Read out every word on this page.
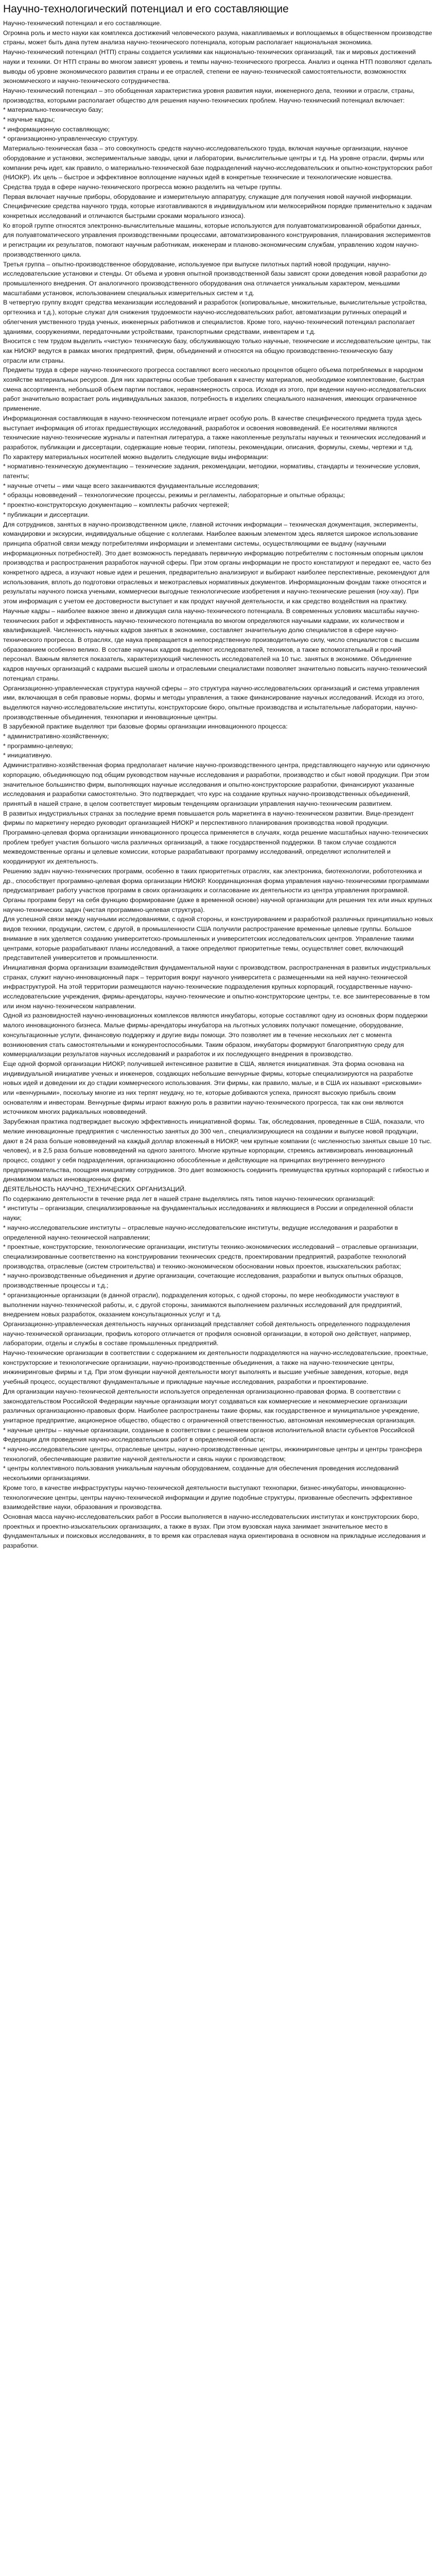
Научно-технологический потенциал и его составляющие

Научно-технический потенциал и его составляющие.

Огромна роль и место науки как комплекса достижений человеческого разума, накапливаемых и воплощаемых в общественном производстве страны, может быть дана путем анализа научно-технического потенциала, которым располагает национальная экономика.

Научно-технический потенциал (НТП) страны создается усилиями как национально-технических организаций, так и мировых достижений науки и техники. От НТП страны во многом зависят уровень и темпы научно-технического прогресса. Анализ и оценка НТП позволяют сделать выводы об уровне экономического развития страны и ее отраслей, степени ее научно-технической самостоятельности, возможностях экономического и научно-технического сотрудничества.

Научно-технический потенциал – это обобщенная характеристика уровня развития науки, инженерного дела, техники и отрасли, страны, производства, которыми располагает общество для решения научно-технических проблем. Научно-технический потенциал включает:

* материально-техническую базу;

* научные кадры;

* информационную составляющую;

* организационно-управленческую структуру.

Материально-техническая база – это совокупность средств научно-исследовательского труда, включая научные организации, научное оборудование и установки, экспериментальные заводы, цехи и лаборатории, вычислительные центры и т.д. На уровне отрасли, фирмы или компании речь идет, как правило, о материально-технической базе подразделений научно-исследовательских и опытно-конструкторских работ (НИОКР). Их цель – быстрое и эффективное воплощение научных идей в конкретные технические и технологические новшества.

Средства труда в сфере научно-технического прогресса можно разделить на четыре группы.

Первая включает научные приборы, оборудование и измерительную аппаратуру, служащие для получения новой научной информации. Специфические средства научного труда, которые изготавливаются в индивидуальном или мелкосерийном порядке применительно к задачам конкретных исследований и отличаются быстрыми сроками морального износа).

Ко второй группе относятся электронно-вычислительные машины, которые используются для полуавтоматизированной обработки данных, для полуавтоматического управления производственными процессами, автоматизированного конструирования, планирования экспериментов и регистрации их результатов, помогают научным работникам, инженерам и планово-экономическим службам, управлению ходом научно-производственного цикла.

Третья группа – опытно-производственное оборудование, используемое при выпуске пилотных партий новой продукции, научно-исследовательские установки и стенды. От объема и уровня опытной производственной базы зависят сроки доведения новой разработки до промышленного внедрения. От аналогичного производственного оборудования она отличается уникальным характером, меньшими масштабами установок, использованием специальных измерительных систем и т.д.

В четвертую группу входят средства механизации исследований и разработок (копировальные, множительные, вычислительные устройства, оргтехника и т.д.), которые служат для снижения трудоемкости научно-исследовательских работ, автоматизации рутинных операций и облегчения умственного труда ученых, инженерных работников и специалистов. Кроме того, научно-технический потенциал располагает зданиями, сооружениями, передаточными устройствами, транспортными средствами, инвентарем и т.д.

Вносится с тем трудом выделить «чистую» техническую базу, обслуживающую только научные, технические и исследовательские центры, так как НИОКР ведутся в рамках многих предприятий, фирм, объединений и относятся на общую производственно-техническую базу

отрасли или страны.

Предметы труда в сфере научно-технического прогресса составляют всего несколько процентов общего объема потребляемых в народном хозяйстве материальных ресурсов. Для них характерны особые требования к качеству материалов, необходимое комплектование, быстрая смена ассортимента, небольшой объем партии поставок, неравномерность спроса. Исходя из этого, при ведении научно-исследовательских работ значительно возрастает роль индивидуальных заказов, потребность в изделиях специального назначения, имеющих ограниченное применение.

Информационная составляющая в научно-техническом потенциале играет особую роль. В качестве специфического предмета труда здесь выступает информация об итогах предшествующих исследований, разработок и освоения нововведений. Ее носителями являются технические научно-технические журналы и патентная литература, а также накопленные результаты научных и технических исследований и разработок, публикации и диссертации, содержащие новые теории, гипотезы, рекомендации, описания, формулы, схемы, чертежи и т.д.

По характеру материальных носителей можно выделить следующие виды информации:

* нормативно-техническую документацию – технические задания, рекомендации, методики, нормативы, стандарты и технические условия, патенты;

* научные отчеты – ими чаще всего заканчиваются фундаментальные исследования;

* образцы нововведений – технологические процессы, режимы и регламенты, лабораторные и опытные образцы;

* проектно-конструкторскую документацию – комплекты рабочих чертежей;

* публикации и диссертации.

Для сотрудников, занятых в научно-производственном цикле, главной источник информации – техническая документация, эксперименты, командировки и экскурсии, индивидуальные общение с коллегами. Наиболее важным элементом здесь является широкое использование принципа обратной связи между потребителями информации и элементами системы, осуществляющими ее выдачу (научными информационных потребностей). Это дает возможность передавать первичную информацию потребителям с постоянным опорным циклом производства и распространения разработок научной сферы. При этом органы информации не просто констатируют и передают ее, часто без конкретного адреса, а изучают новые идеи и решения, предварительно анализируют и выбирают наиболее перспективные, рекомендуют для использования, вплоть до подготовки отраслевых и межотраслевых нормативных документов. Информационным фондам также относятся и результаты научного поиска учеными, коммерчески выгодные технологические изобретения и научно-технические решения (ноу-хау). При этом информация с учетом ее достоверности выступает и как продукт научной деятельности, и как средство воздействия на практику.

Научные кадры – наиболее важное звено и движущая сила научно-технического потенциала. В современных условиях масштабы научно-технических работ и эффективность научно-технического потенциала во многом определяются научными кадрами, их количеством и квалификацией. Численность научных кадров занятых в экономике, составляет значительную долю специалистов в сфере научно-технического прогресса. В отраслях, где наука превращается в непосредственную производительную силу, число специалистов с высшим образованием особенно велико. В составе научных кадров выделяют исследователей, техников, а также вспомогательный и прочий персонал. Важным является показатель, характеризующий численность исследователей на 10 тыс. занятых в экономике. Объединение кадров научных организаций с кадрами высшей школы и отраслевыми специалистами позволяет значительно повысить научно-технический потенциал страны.

Организационно-управленческая структура научной сферы – это структура научно-исследовательских организаций и система управления ими, включающая в себя правовые нормы, формы и методы управления, а также финансирование научных исследований. Исходя из этого, выделяются научно-исследовательские институты, конструкторские бюро, опытные производства и испытательные лаборатории, научно-производственные объединения, технопарки и инновационные центры.

В зарубежной практике выделяют три базовые формы организации инновационного процесса:

* административно-хозяйственную;

* программно-целевую;

* инициативную.

Административно-хозяйственная форма предполагает наличие научно-производственного центра, представляющего научную или одиночную корпорацию, объединяющую под общим руководством научные исследования и разработки, производство и сбыт новой продукции. При этом значительное большинство фирм, выполняющих научные исследования и опытно-конструкторские разработки, финансируют указанные исследования и разработки самостоятельно. Это подтверждает, что курс на создание крупных научно-производственных объединений, принятый в нашей стране, в целом соответствует мировым тенденциям организации управления научно-техническим развитием.

В развитых индустриальных странах за последние время повышается роль маркетинга в научно-техническом развитии. Вице-президент фирмы по маркетингу нередко руководит организацией НИОКР и перспективного планирования производства новой продукции.

Программно-целевая форма организации инновационного процесса применяется в случаях, когда решение масштабных научно-технических проблем требует участия большого числа различных организаций, а также государственной поддержки. В таком случае создаются межведомственные органы и целевые комиссии, которые разрабатывают программу исследований, определяют исполнителей и координируют их деятельность.

Решению задач научно-технических программ, особенно в таких приоритетных отраслях, как электроника, биотехнологии, робототехника и др., способствует программно-целевая форма организации НИОКР. Координационная форма управления научно-техническими программами предусматривает работу участков программ в своих организациях и согласование их деятельности из центра управления программой. Органы программ берут на себя функцию формирование (даже в временной основе) научной организации для решения тех или иных крупных научно-технических задач (чистая программно-целевая структура).

Для успешной связи между научными исследованиями, с одной стороны, и конструированием и разработкой различных принципиально новых видов техники, продукции, систем, с другой, в промышленности США получили распространение временные целевые группы. Большое внимание в них уделяется созданию университетско-промышленных и университетских исследовательских центров. Управление такими центрами, которые разрабатывают планы исследований, а также определяют приоритетные темы, осуществляет совет, включающий представителей университетов и промышленности.

Инициативная форма организации взаимодействия фундаментальной науки с производством, распространенная в развитых индустриальных странах, служит научно-инновационный парк – территория вокруг научного университета с размещенными на ней научно-технической инфраструктурой. На этой территории размещаются научно-технические подразделения крупных корпораций, государственные научно-исследовательские учреждения, фирмы-арендаторы, научно-технические и опытно-конструкторские центры, т.е. все заинтересованные в том или ином научно-техническом направлении.

Одной из разновидностей научно-инновационных комплексов являются инкубаторы, которые составляют одну из основных форм поддержки малого инновационного бизнеса. Малые фирмы-арендаторы инкубатора на льготных условиях получают помещение, оборудование, консультационные услуги, финансовую поддержку и другие виды помощи. Это позволяет им в течение нескольких лет с момента возникновения стать самостоятельными и конкурентоспособными. Таким образом, инкубаторы формируют благоприятную среду для коммерциализации результатов научных исследований и разработок и их последующего внедрения в производство.

Еще одной формой организации НИОКР, получившей интенсивное развитие в США, является инициативная. Эта форма основана на индивидуальной инициативе ученых и инженеров, создающих небольшие венчурные фирмы, которые специализируются на разработке новых идей и доведении их до стадии коммерческого использования. Эти фирмы, как правило, малые, и в США их называют «рисковыми» или «венчурными», поскольку многие из них терпят неудачу, но те, которые добиваются успеха, приносят высокую прибыль своим основателям и инвесторам. Венчурные фирмы играют важную роль в развитии научно-технического прогресса, так как они являются источником многих радикальных нововведений.

Зарубежная практика подтверждает высокую эффективность инициативной формы. Так, обследования, проведенные в США, показали, что мелкие инновационные предприятия с численностью занятых до 300 чел., специализирующиеся на создании и выпуске новой продукции, дают в 24 раза больше нововведений на каждый доллар вложенный в НИОКР, чем крупные компании (с численностью занятых свыше 10 тыс. человек), и в 2,5 раза больше нововведений на одного занятого. Многие крупные корпорации, стремясь активизировать инновационный процесс, создают у себя подразделения, организационно обособленные и действующие на принципах внутреннего венчурного предпринимательства, поощряя инициативу сотрудников. Это дает возможность соединить преимущества крупных корпораций с гибкостью и динамизмом малых инновационных фирм.

ДЕЯТЕЛЬНОСТЬ НАУЧНО_ТЕХНИЧЕСКИХ ОРГАНИЗАЦИЙ.

По содержанию деятельности в течение ряда лет в нашей стране выделялись пять типов научно-технических организаций:

* институты – организации, специализированные на фундаментальных исследованиях и являющиеся в России и определенной области науки;

* научно-исследовательские институты – отраслевые научно-исследовательские институты, ведущие исследования и разработки в определенной научно-технической направлении;

* проектные, конструкторские, технологические организации, институты технико-экономических исследований – отраслевые организации, специализированные соответственно на конструировании технических средств, проектировании предприятий, разработке технологий производства, отраслевые (систем строительства) и технико-экономическом обосновании новых проектов, изыскательских работах;

* научно-производственные объединения и другие организации, сочетающие исследования, разработки и выпуск опытных образцов, производственные процессы и т.д.;

* организационные организации (в данной отрасли), подразделения которых, с одной стороны, по мере необходимости участвуют в выполнении научно-технической работы, и, с другой стороны, занимаются выполнением различных исследований для предприятий, внедрением новых разработок, оказанием консультационных услуг и т.д.

Организационно-управленческая деятельность научных организаций представляет собой деятельность определенного подразделения научно-технической организации, профиль которого отличается от профиля основной организации, в которой оно действует, например, лаборатории, отделы и службы в составе промышленных предприятий.

Научно-технические организации в соответствии с содержанием их деятельности подразделяются на научно-исследовательские, проектные, конструкторские и технологические организации, научно-производственные объединения, а также на научно-технические центры, инжиниринговые фирмы и т.д. При этом функции научной деятельности могут выполнять и высшие учебные заведения, которые, ведя учебный процесс, осуществляют фундаментальные и прикладные научные исследования, разработки и проектирование.

Для организации научно-технической деятельности используется определенная организационно-правовая форма. В соответствии с законодательством Российской Федерации научные организации могут создаваться как коммерческие и некоммерческие организации различных организационно-правовых форм. Наиболее распространены такие формы, как государственное и муниципальное учреждение, унитарное предприятие, акционерное общество, общество с ограниченной ответственностью, автономная некоммерческая организация.

* научные центры – научные организации, созданные в соответствии с решением органов исполнительной власти субъектов Российской Федерации для проведения научно-исследовательских работ в определенной области;

* научно-исследовательские центры, отраслевые центры, научно-производственные центры, инжиниринговые центры и центры трансфера технологий, обеспечивающие развитие научной деятельности и связь науки с производством;

* центры коллективного пользования уникальным научным оборудованием, созданные для обеспечения проведения исследований несколькими организациями.

Кроме того, в качестве инфраструктуры научно-технической деятельности выступают технопарки, бизнес-инкубаторы, инновационно-технологические центры, центры научно-технической информации и другие подобные структуры, призванные обеспечить эффективное взаимодействие науки, образования и производства.

Основная масса научно-исследовательских работ в России выполняется в научно-исследовательских институтах и конструкторских бюро, проектных и проектно-изыскательских организациях, а также в вузах. При этом вузовская наука занимает значительное место в фундаментальных и поисковых исследованиях, в то время как отраслевая наука ориентирована в основном на прикладные исследования и разработки.
